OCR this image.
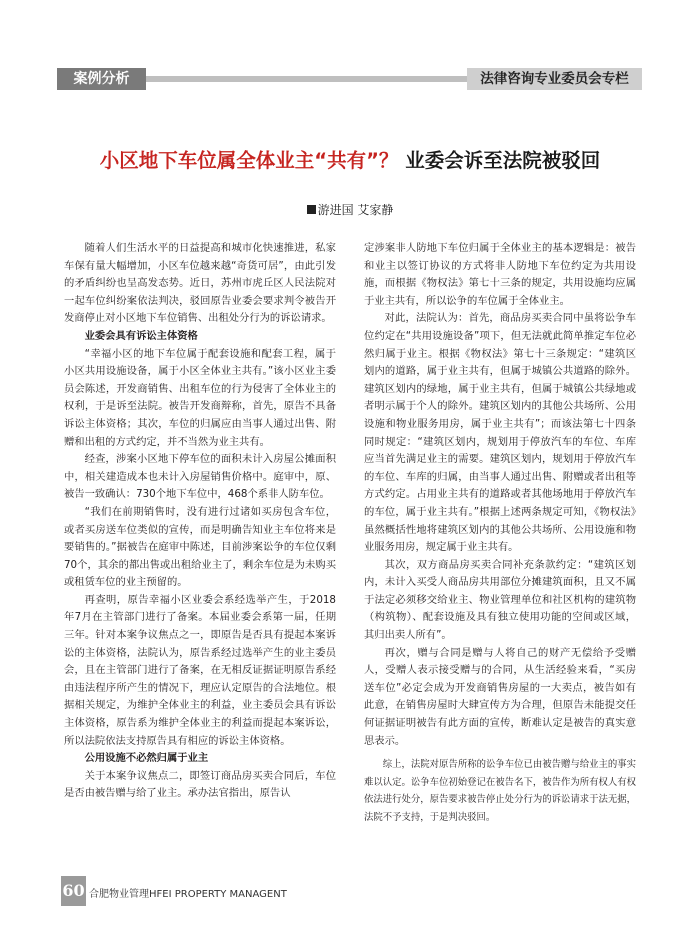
案例分析	法律咨询专业委员会专栏
小区地下车位属全体业主“共有”？ 业委会诉至法院被驳回
游进国 艾家静

随着人们生活水平的日益提高和城市化快速推进，私家车保有量大幅增加，小区车位越来越“奇货可居”，由此引发的矛盾纠纷也呈高发态势。近日，苏州市虎丘区人民法院对一起车位纠纷案依法判决，驳回原告业委会要求判令被告开发商停止对小区地下车位销售、出租处分行为的诉讼请求。

业委会具有诉讼主体资格

“幸福小区的地下车位属于配套设施和配套工程，属于小区共用设施设备，属于小区全体业主共有。”该小区业主委员会陈述，开发商销售、出租车位的行为侵害了全体业主的权利，于是诉至法院。被告开发商辩称，首先，原告不具备诉讼主体资格；其次，车位的归属应由当事人通过出售、附赠和出租的方式约定，并不当然为业主共有。

经查，涉案小区地下停车位的面积未计入房屋公摊面积中，相关建造成本也未计入房屋销售价格中。庭审中，原、被告一致确认：730个地下车位中，468个系非人防车位。

“我们在前期销售时，没有进行过诸如买房包含车位，或者买房送车位类似的宣传，而是明确告知业主车位将来是要销售的。”据被告在庭审中陈述，目前涉案讼争的车位仅剩70个，其余的都出售或出租给业主了，剩余车位是为未购买或租赁车位的业主预留的。

再查明，原告幸福小区业委会系经选举产生，于2018年7月在主管部门进行了备案。本届业委会系第一届，任期三年。针对本案争议焦点之一，即原告是否具有提起本案诉讼的主体资格，法院认为，原告系经过选举产生的业主委员会，且在主管部门进行了备案，在无相反证据证明原告系经由违法程序所产生的情况下，理应认定原告的合法地位。根据相关规定，为维护全体业主的利益，业主委员会具有诉讼主体资格，原告系为维护全体业主的利益而提起本案诉讼，所以法院依法支持原告具有相应的诉讼主体资格。

公用设施不必然归属于业主

关于本案争议焦点二，即签订商品房买卖合同后，车位是否由被告赠与给了业主。承办法官指出，原告认

定涉案非人防地下车位归属于全体业主的基本逻辑是：被告和业主以签订协议的方式将非人防地下车位约定为共用设施，而根据《物权法》第七十三条的规定，共用设施均应属于业主共有，所以讼争的车位属于全体业主。

对此，法院认为：首先，商品房买卖合同中虽将讼争车位约定在“共用设施设备”项下，但无法就此简单推定车位必然归属于业主。根据《物权法》第七十三条规定：“建筑区划内的道路，属于业主共有，但属于城镇公共道路的除外。建筑区划内的绿地，属于业主共有，但属于城镇公共绿地或者明示属于个人的除外。建筑区划内的其他公共场所、公用设施和物业服务用房，属于业主共有”；而该法第七十四条同时规定：“建筑区划内，规划用于停放汽车的车位、车库应当首先满足业主的需要。建筑区划内，规划用于停放汽车的车位、车库的归属，由当事人通过出售、附赠或者出租等方式约定。占用业主共有的道路或者其他场地用于停放汽车的车位，属于业主共有。”根据上述两条规定可知，《物权法》虽然概括性地将建筑区划内的其他公共场所、公用设施和物业服务用房，规定属于业主共有。

其次，双方商品房买卖合同补充条款约定：“建筑区划内，未计入买受人商品房共用部位分摊建筑面积，且又不属于法定必须移交给业主、物业管理单位和社区机构的建筑物（构筑物）、配套设施及具有独立使用功能的空间或区域，其归出卖人所有”。

再次，赠与合同是赠与人将自己的财产无偿给予受赠人，受赠人表示接受赠与的合同，从生活经验来看，“买房送车位”必定会成为开发商销售房屋的一大卖点，被告如有此意，在销售房屋时大肆宣传方为合理，但原告未能提交任何证据证明被告有此方面的宣传，断难认定是被告的真实意思表示。

综上，法院对原告所称的讼争车位已由被告赠与给业主的事实难以认定。讼争车位初始登记在被告名下，被告作为所有权人有权依法进行处分，原告要求被告停止处分行为的诉讼请求于法无据，法院不予支持，于是判决驳回。

60 合肥物业管理HFEI PROPERTY MANAGENT
